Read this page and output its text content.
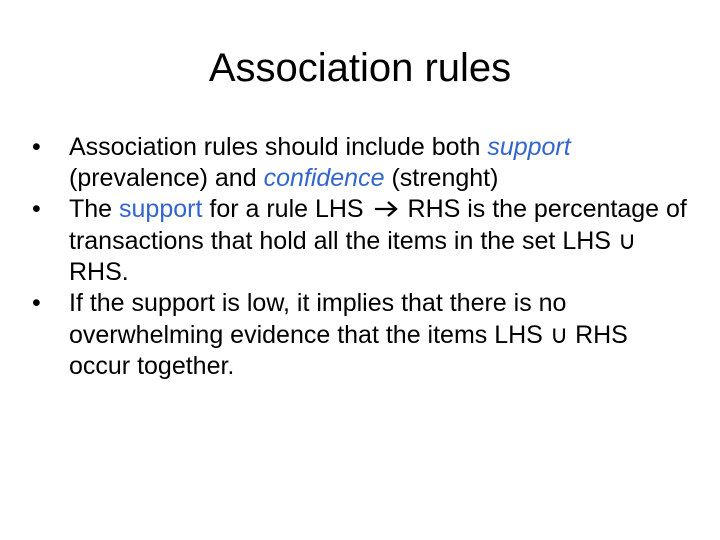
Association rules
• Association rules should include both support (prevalence) and confidence (strenght)
• The support for a rule LHS  RHS is the percentage of transactions that hold all the items in the set LHS ∪ RHS.
• If the support is low, it implies that there is no overwhelming evidence that the items LHS ∪ RHS occur together.
